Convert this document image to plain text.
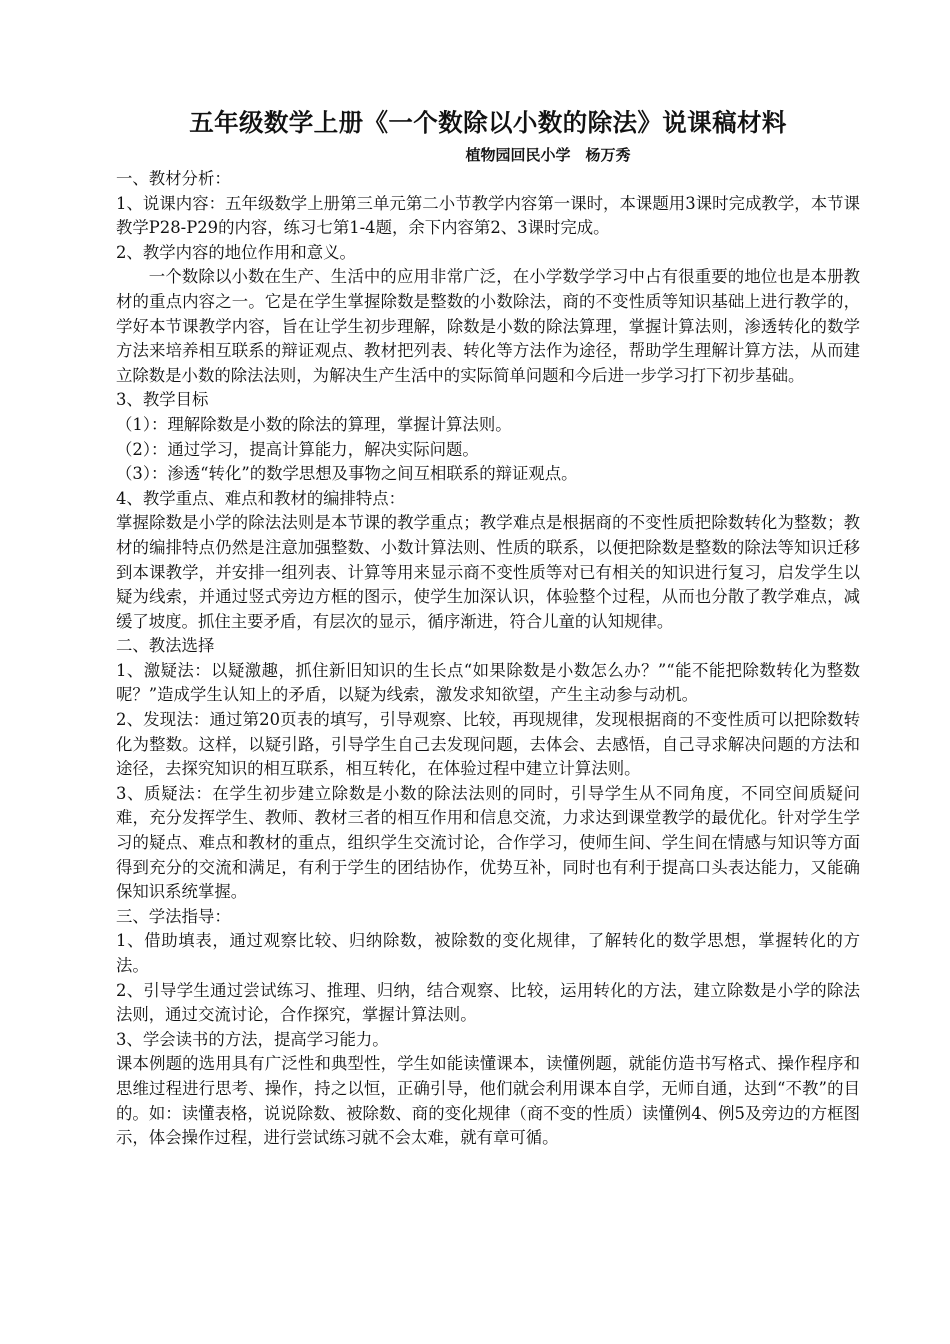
五年级数学上册《一个数除以小数的除法》说课稿材料

植物园回民小学　杨万秀

一、教材分析：

1、说课内容：五年级数学上册第三单元第二小节教学内容第一课时，本课题用3课时完成教学，本节课教学P28-P29的内容，练习七第1-4题，余下内容第2、3课时完成。

2、教学内容的地位作用和意义。

一个数除以小数在生产、生活中的应用非常广泛，在小学数学学习中占有很重要的地位也是本册教材的重点内容之一。它是在学生掌握除数是整数的小数除法，商的不变性质等知识基础上进行教学的，学好本节课教学内容，旨在让学生初步理解，除数是小数的除法算理，掌握计算法则，渗透转化的数学方法来培养相互联系的辩证观点、教材把列表、转化等方法作为途径，帮助学生理解计算方法，从而建立除数是小数的除法法则，为解决生产生活中的实际简单问题和今后进一步学习打下初步基础。

3、教学目标

（1）：理解除数是小数的除法的算理，掌握计算法则。

（2）：通过学习，提高计算能力，解决实际问题。

（3）：渗透“转化”的数学思想及事物之间互相联系的辩证观点。

4、教学重点、难点和教材的编排特点：

掌握除数是小学的除法法则是本节课的教学重点；教学难点是根据商的不变性质把除数转化为整数；教材的编排特点仍然是注意加强整数、小数计算法则、性质的联系，以便把除数是整数的除法等知识迁移到本课教学，并安排一组列表、计算等用来显示商不变性质等对已有相关的知识进行复习，启发学生以疑为线索，并通过竖式旁边方框的图示，使学生加深认识，体验整个过程，从而也分散了教学难点，减缓了坡度。抓住主要矛盾，有层次的显示，循序渐进，符合儿童的认知规律。

二、教法选择

1、激疑法：以疑激趣，抓住新旧知识的生长点“如果除数是小数怎么办？”“能不能把除数转化为整数呢？”造成学生认知上的矛盾，以疑为线索，激发求知欲望，产生主动参与动机。

2、发现法：通过第20页表的填写，引导观察、比较，再现规律，发现根据商的不变性质可以把除数转化为整数。这样，以疑引路，引导学生自己去发现问题，去体会、去感悟，自己寻求解决问题的方法和途径，去探究知识的相互联系，相互转化，在体验过程中建立计算法则。

3、质疑法：在学生初步建立除数是小数的除法法则的同时，引导学生从不同角度，不同空间质疑问难，充分发挥学生、教师、教材三者的相互作用和信息交流，力求达到课堂教学的最优化。针对学生学习的疑点、难点和教材的重点，组织学生交流讨论，合作学习，使师生间、学生间在情感与知识等方面得到充分的交流和满足，有利于学生的团结协作，优势互补，同时也有利于提高口头表达能力，又能确保知识系统掌握。

三、学法指导：

1、借助填表，通过观察比较、归纳除数，被除数的变化规律，了解转化的数学思想，掌握转化的方法。

2、引导学生通过尝试练习、推理、归纳，结合观察、比较，运用转化的方法，建立除数是小学的除法法则，通过交流讨论，合作探究，掌握计算法则。

3、学会读书的方法，提高学习能力。

课本例题的选用具有广泛性和典型性，学生如能读懂课本，读懂例题，就能仿造书写格式、操作程序和思维过程进行思考、操作，持之以恒，正确引导，他们就会利用课本自学，无师自通，达到“不教”的目的。如：读懂表格，说说除数、被除数、商的变化规律（商不变的性质）读懂例4、例5及旁边的方框图示，体会操作过程，进行尝试练习就不会太难，就有章可循。
